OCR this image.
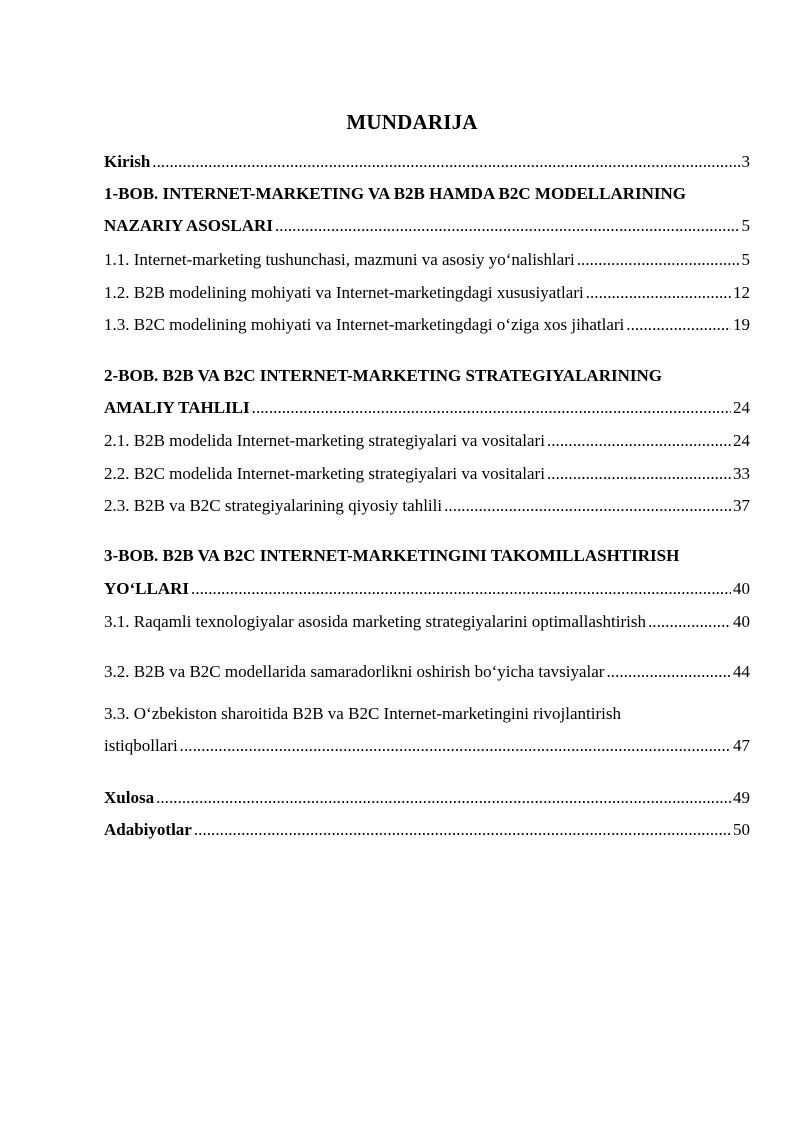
MUNDARIJA
Kirish . . .	3
1-BOB. INTERNET-MARKETING VA B2B HAMDA B2C MODELLARINING
NAZARIY ASOSLARI . . .	5
1.1. Internet-marketing tushunchasi, mazmuni va asosiy yo‘nalishlari . . .	5
1.2. B2B modelining mohiyati va Internet-marketingdagi xususiyatlari . . .	12
1.3. B2C modelining mohiyati va Internet-marketingdagi o‘ziga xos jihatlari . . .	19
2-BOB. B2B VA B2C INTERNET-MARKETING STRATEGIYALARINING
AMALIY TAHLILI . . .	24
2.1. B2B modelida Internet-marketing strategiyalari va vositalari . . .	24
2.2. B2C modelida Internet-marketing strategiyalari va vositalari . . .	33
2.3. B2B va B2C strategiyalarining qiyosiy tahlili . . .	37
3-BOB. B2B VA B2C INTERNET-MARKETINGINI TAKOMILLASHTIRISH
YO‘LLARI . . .	40
3.1. Raqamli texnologiyalar asosida marketing strategiyalarini optimallashtirish . . .	40
3.2. B2B va B2C modellarida samaradorlikni oshirish bo‘yicha tavsiyalar . . .	44
3.3. O‘zbekiston sharoitida B2B va B2C Internet-marketingini rivojlantirish
istiqbollari . . .	47
Xulosa . . .	49
Adabiyotlar . . .	50
